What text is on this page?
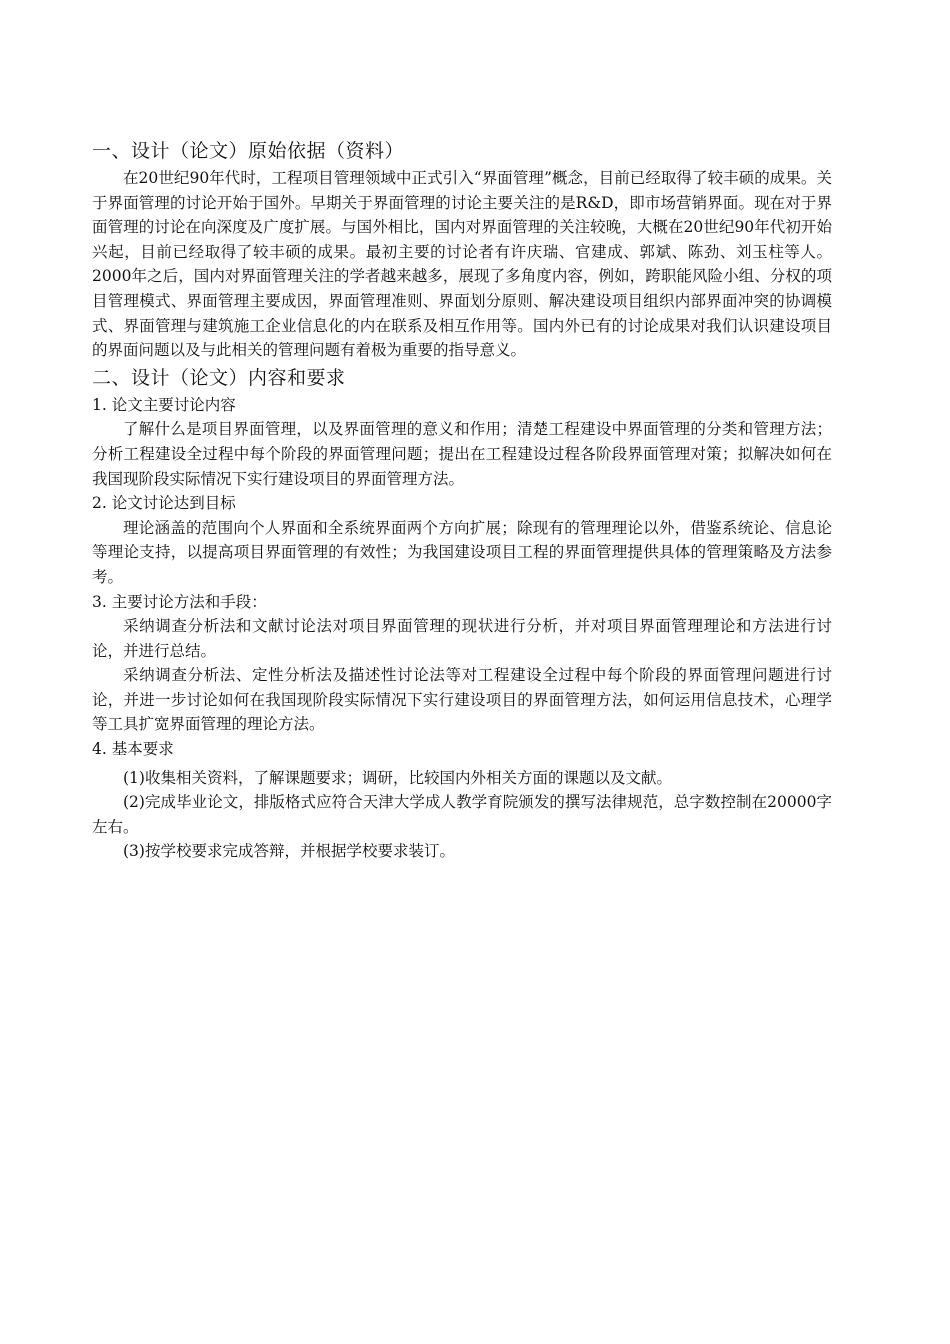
一、设计（论文）原始依据（资料）

在20世纪90年代时，工程项目管理领域中正式引入“界面管理”概念，目前已经取得了较丰硕的成果。关于界面管理的讨论开始于国外。早期关于界面管理的讨论主要关注的是R&D，即市场营销界面。现在对于界面管理的讨论在向深度及广度扩展。与国外相比，国内对界面管理的关注较晚，大概在20世纪90年代初开始兴起，目前已经取得了较丰硕的成果。最初主要的讨论者有许庆瑞、官建成、郭斌、陈劲、刘玉柱等人。2000年之后，国内对界面管理关注的学者越来越多，展现了多角度内容，例如，跨职能风险小组、分权的项目管理模式、界面管理主要成因，界面管理准则、界面划分原则、解决建设项目组织内部界面冲突的协调模式、界面管理与建筑施工企业信息化的内在联系及相互作用等。国内外已有的讨论成果对我们认识建设项目的界面问题以及与此相关的管理问题有着极为重要的指导意义。

二、设计（论文）内容和要求

1. 论文主要讨论内容

了解什么是项目界面管理，以及界面管理的意义和作用；清楚工程建设中界面管理的分类和管理方法；分析工程建设全过程中每个阶段的界面管理问题；提出在工程建设过程各阶段界面管理对策；拟解决如何在我国现阶段实际情况下实行建设项目的界面管理方法。

2. 论文讨论达到目标

理论涵盖的范围向个人界面和全系统界面两个方向扩展；除现有的管理理论以外，借鉴系统论、信息论等理论支持，以提高项目界面管理的有效性；为我国建设项目工程的界面管理提供具体的管理策略及方法参考。

3. 主要讨论方法和手段：

采纳调查分析法和文献讨论法对项目界面管理的现状进行分析，并对项目界面管理理论和方法进行讨论，并进行总结。

采纳调查分析法、定性分析法及描述性讨论法等对工程建设全过程中每个阶段的界面管理问题进行讨论，并进一步讨论如何在我国现阶段实际情况下实行建设项目的界面管理方法，如何运用信息技术，心理学等工具扩宽界面管理的理论方法。

4. 基本要求

(1)收集相关资料，了解课题要求；调研，比较国内外相关方面的课题以及文献。

(2)完成毕业论文，排版格式应符合天津大学成人教学育院颁发的撰写法律规范，总字数控制在20000字左右。

(3)按学校要求完成答辩，并根据学校要求装订。
